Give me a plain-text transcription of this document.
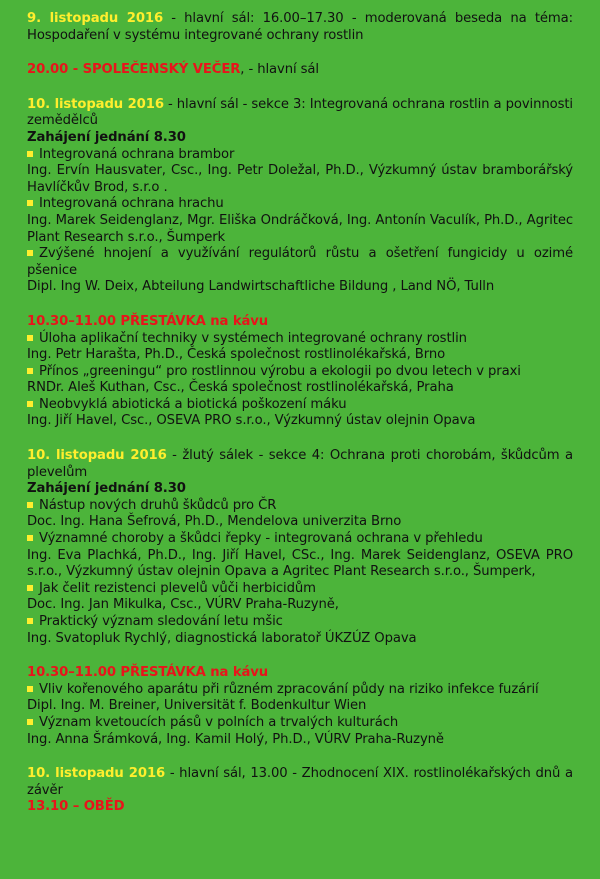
9. listopadu 2016 - hlavní sál: 16.00–17.30 - moderovaná beseda na téma: Hospodaření v systému integrované ochrany rostlin
20.00 - SPOLEČENSKÝ VEČER, - hlavní sál
10. listopadu 2016 - hlavní sál - sekce 3: Integrovaná ochrana rostlin a povinnosti zemědělců
Zahájení jednání 8.30
Integrovaná ochrana brambor
Ing. Ervín Hausvater, Csc., Ing. Petr Doležal, Ph.D., Výzkumný ústav bramborářský Havlíčkův Brod, s.r.o .
Integrovaná ochrana hrachu
Ing. Marek Seidenglanz, Mgr. Eliška Ondráčková, Ing. Antonín Vaculík, Ph.D., Agritec Plant Research s.r.o., Šumperk
Zvýšené hnojení a využívání regulátorů růstu a ošetření fungicidy u ozimé pšenice
Dipl. Ing W. Deix, Abteilung Landwirtschaftliche Bildung , Land NÖ, Tulln
10.30–11.00 PŘESTÁVKA na kávu
Úloha aplikační techniky v systémech integrované ochrany rostlin
Ing. Petr Harašta, Ph.D., Česká společnost rostlinolékařská, Brno
Přínos „greeningu“ pro rostlinnou výrobu a ekologii po dvou letech v praxi
RNDr. Aleš Kuthan, Csc., Česká společnost rostlinolékařská, Praha
Neobvyklá abiotická a biotická poškození máku
Ing. Jiří Havel, Csc., OSEVA PRO s.r.o., Výzkumný ústav olejnin Opava
10. listopadu 2016 - žlutý sálek - sekce 4: Ochrana proti chorobám, škůdcům a plevelům
Zahájení jednání 8.30
Nástup nových druhů škůdců pro ČR
Doc. Ing. Hana Šefrová, Ph.D., Mendelova univerzita Brno
Významné choroby a škůdci řepky - integrovaná ochrana v přehledu
Ing. Eva Plachká, Ph.D., Ing. Jiří Havel, CSc., Ing. Marek Seidenglanz, OSEVA PRO s.r.o., Výzkumný ústav olejnin Opava a Agritec Plant Research s.r.o., Šumperk,
Jak čelit rezistenci plevelů vůči herbicidům
Doc. Ing. Jan Mikulka, Csc., VÚRV Praha-Ruzyně,
Praktický význam sledování letu mšic
Ing. Svatopluk Rychlý, diagnostická laboratoř ÚKZÚZ Opava
10.30–11.00 PŘESTÁVKA na kávu
Vliv kořenového aparátu při různém zpracování půdy na riziko infekce fuzárií
Dipl. Ing. M. Breiner, Universität f. Bodenkultur Wien
Význam kvetoucích pásů v polních a trvalých kulturách
Ing. Anna Šrámková, Ing. Kamil Holý, Ph.D., VÚRV Praha-Ruzyně
10. listopadu 2016 - hlavní sál, 13.00 - Zhodnocení XIX. rostlinolékařských dnů a závěr
13.10 – OBĚD
